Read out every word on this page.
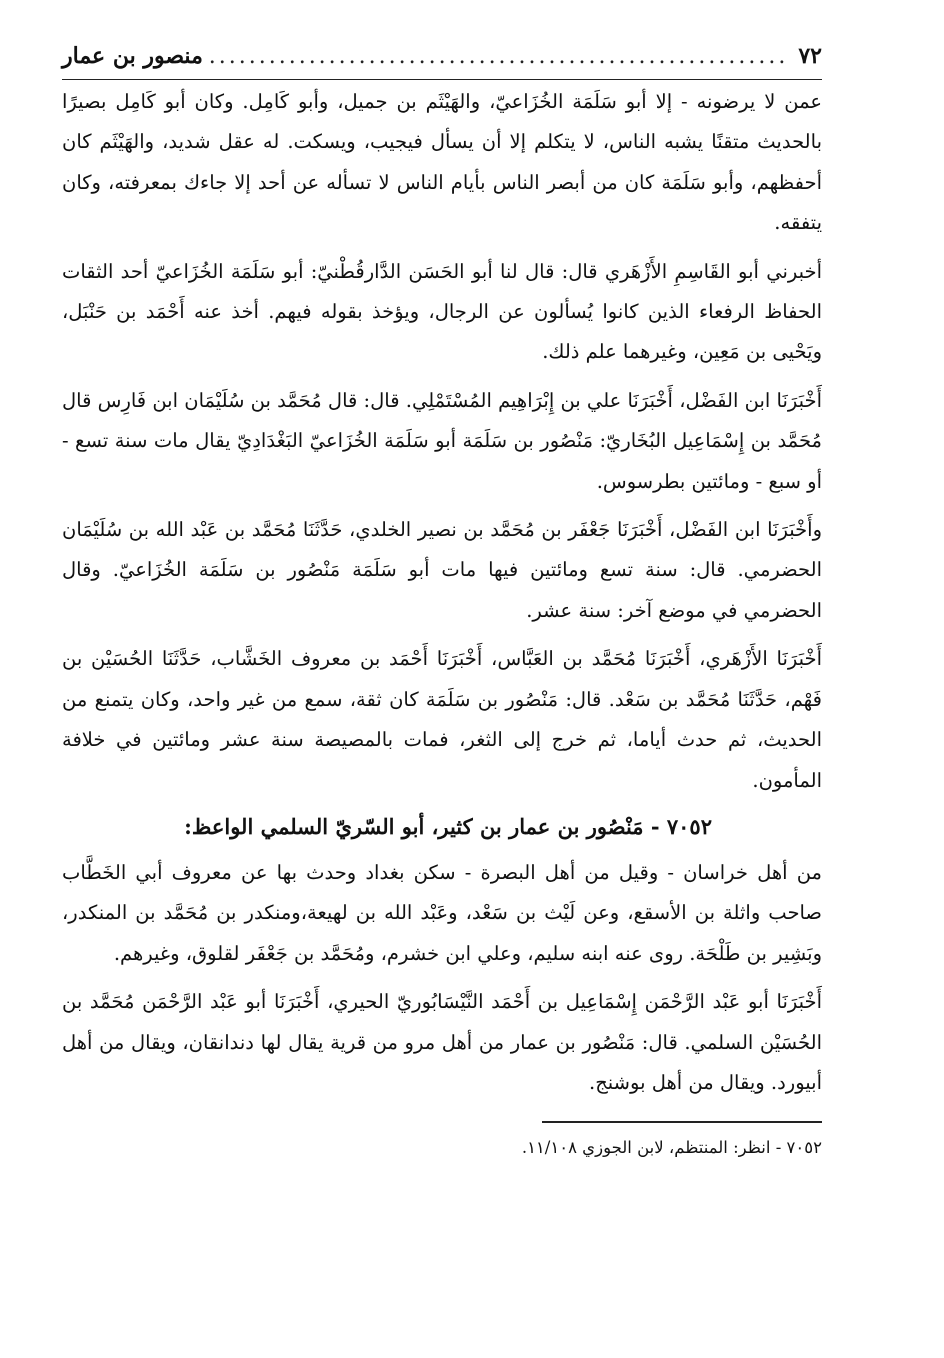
٧٢
.....
منصور بن عمار

عمن لا يرضونه - إلا أبو سَلَمَة الخُزَاعيّ، والهَيْثَم بن جميل، وأبو كَامِل. وكان أبو كَامِل بصيرًا بالحديث متقنًا يشبه الناس، لا يتكلم إلا أن يسأل فيجيب، ويسكت. له عقل شديد، والهَيْثَم كان أحفظهم، وأبو سَلَمَة كان من أبصر الناس بأيام الناس لا تسأله عن أحد إلا جاءك بمعرفته، وكان يتفقه.

أخبرني أبو القَاسِمِ الأَزْهَري قال: قال لنا أبو الحَسَن الدَّارقُطْنيّ: أبو سَلَمَة الخُزَاعيّ أحد الثقات الحفاظ الرفعاء الذين كانوا يُسألون عن الرجال، ويؤخذ بقوله فيهم. أخذ عنه أَحْمَد بن حَنْبَل، ويَحْيى بن مَعِين، وغيرهما علم ذلك.

أَخْبَرَنَا ابن الفَضْل، أَخْبَرَنَا علي بن إِبْرَاهِيم المُسْتَمْلِي. قال: قال مُحَمَّد بن سُلَيْمَان ابن فَارِس قال مُحَمَّد بن إِسْمَاعِيل البُخَاريّ: مَنْصُور بن سَلَمَة أبو سَلَمَة الخُزَاعيّ البَغْدَادِيّ يقال مات سنة تسع - أو سبع - ومائتين بطرسوس.

وأَخْبَرَنَا ابن الفَضْل، أَخْبَرَنَا جَعْفَر بن مُحَمَّد بن نصير الخلدي، حَدَّثَنَا مُحَمَّد بن عَبْد الله بن سُلَيْمَان الحضرمي. قال: سنة تسع ومائتين فيها مات أبو سَلَمَة مَنْصُور بن سَلَمَة الخُزَاعيّ. وقال الحضرمي في موضع آخر: سنة عشر.

أَخْبَرَنَا الأَزْهَري، أَخْبَرَنَا مُحَمَّد بن العَبَّاس، أَخْبَرَنَا أَحْمَد بن معروف الخَشَّاب، حَدَّثَنَا الحُسَيْن بن فَهْم، حَدَّثَنَا مُحَمَّد بن سَعْد. قال: مَنْصُور بن سَلَمَة كان ثقة، سمع من غير واحد، وكان يتمنع من الحديث، ثم حدث أياما، ثم خرج إلى الثغر، فمات بالمصيصة سنة عشر ومائتين في خلافة المأمون.

٧٠٥٢ - مَنْصُور بن عمار بن كثير، أبو السّريّ السلمي الواعظ:

من أهل خراسان - وقيل من أهل البصرة - سكن بغداد وحدث بها عن معروف أبي الخَطَّاب صاحب واثلة بن الأسقع، وعن لَيْث بن سَعْد، وعَبْد الله بن لهيعة،ومنكدر بن مُحَمَّد بن المنكدر، وبَشِير بن طَلْحَة. روى عنه ابنه سليم، وعلي ابن خشرم، ومُحَمَّد بن جَعْفَر لقلوق، وغيرهم.

أَخْبَرَنَا أبو عَبْد الرَّحْمَن إِسْمَاعِيل بن أَحْمَد النَّيْسَابُوريّ الحيري، أَخْبَرَنَا أبو عَبْد الرَّحْمَن مُحَمَّد بن الحُسَيْن السلمي. قال: مَنْصُور بن عمار من أهل مرو من قرية يقال لها دندانقان، ويقال من أهل أبيورد. ويقال من أهل بوشنج.

٧٠٥٢ - انظر: المنتظم، لابن الجوزي ١١/١٠٨.
